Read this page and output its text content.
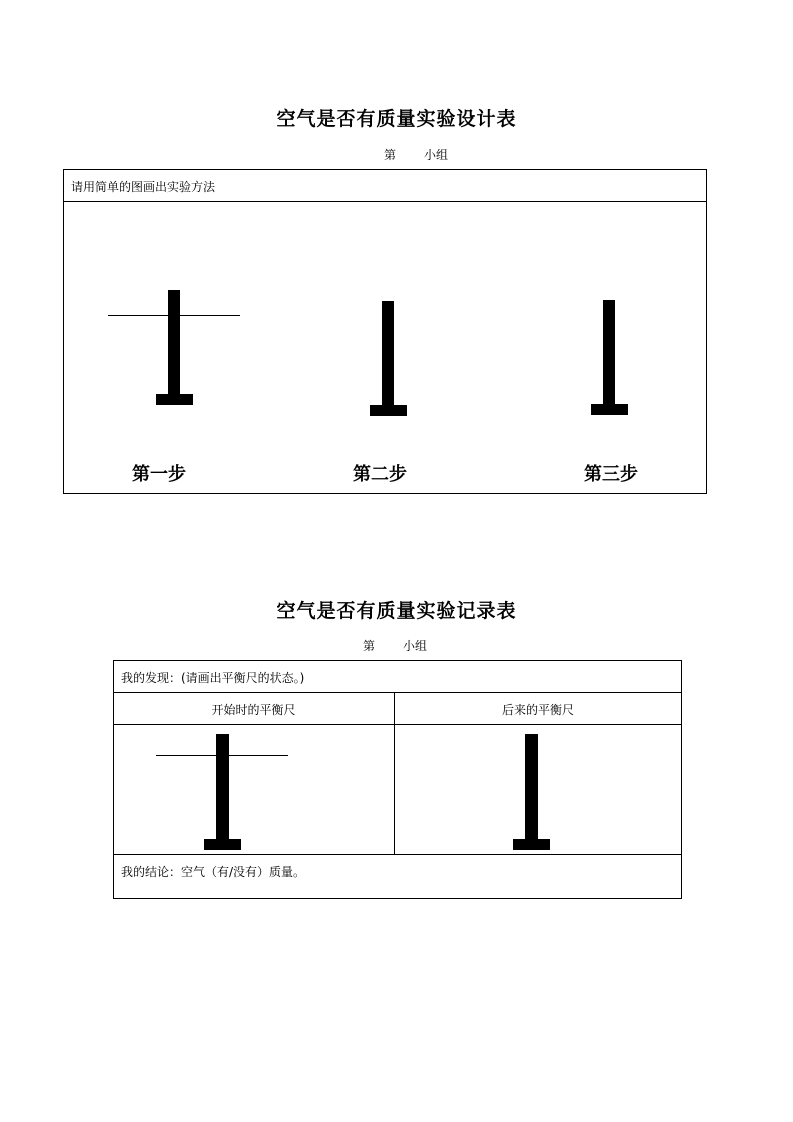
空气是否有质量实验设计表
第 小组
请用简单的图画出实验方法
第一步	第二步	第三步
空气是否有质量实验记录表
第 小组
我的发现：(请画出平衡尺的状态。)
开始时的平衡尺	后来的平衡尺
我的结论：空气（有/没有）质量。
